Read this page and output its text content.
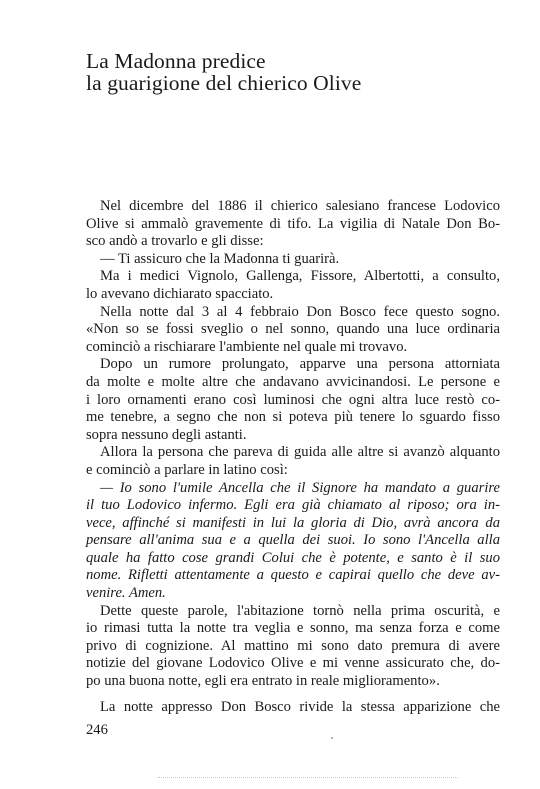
La Madonna predice
la guarigione del chierico Olive
Nel dicembre del 1886 il chierico salesiano francese Lodovico
Olive si ammalò gravemente di tifo. La vigilia di Natale Don Bo-
sco andò a trovarlo e gli disse:
— Ti assicuro che la Madonna ti guarirà.
Ma i medici Vignolo, Gallenga, Fissore, Albertotti, a consulto,
lo avevano dichiarato spacciato.
Nella notte dal 3 al 4 febbraio Don Bosco fece questo sogno.
«Non so se fossi sveglio o nel sonno, quando una luce ordinaria
cominciò a rischiarare l'ambiente nel quale mi trovavo.
Dopo un rumore prolungato, apparve una persona attorniata
da molte e molte altre che andavano avvicinandosi. Le persone e
i loro ornamenti erano così luminosi che ogni altra luce restò co-
me tenebre, a segno che non si poteva più tenere lo sguardo fisso
sopra nessuno degli astanti.
Allora la persona che pareva di guida alle altre si avanzò alquanto
e cominciò a parlare in latino così:
— Io sono l'umile Ancella che il Signore ha mandato a guarire
il tuo Lodovico infermo. Egli era già chiamato al riposo; ora in-
vece, affinché si manifesti in lui la gloria di Dio, avrà ancora da
pensare all'anima sua e a quella dei suoi. Io sono l'Ancella alla
quale ha fatto cose grandi Colui che è potente, e santo è il suo
nome. Rifletti attentamente a questo e capirai quello che deve av-
venire. Amen.
Dette queste parole, l'abitazione tornò nella prima oscurità, e
io rimasi tutta la notte tra veglia e sonno, ma senza forza e come
privo di cognizione. Al mattino mi sono dato premura di avere
notizie del giovane Lodovico Olive e mi venne assicurato che, do-
po una buona notte, egli era entrato in reale miglioramento».
La notte appresso Don Bosco rivide la stessa apparizione che
246
